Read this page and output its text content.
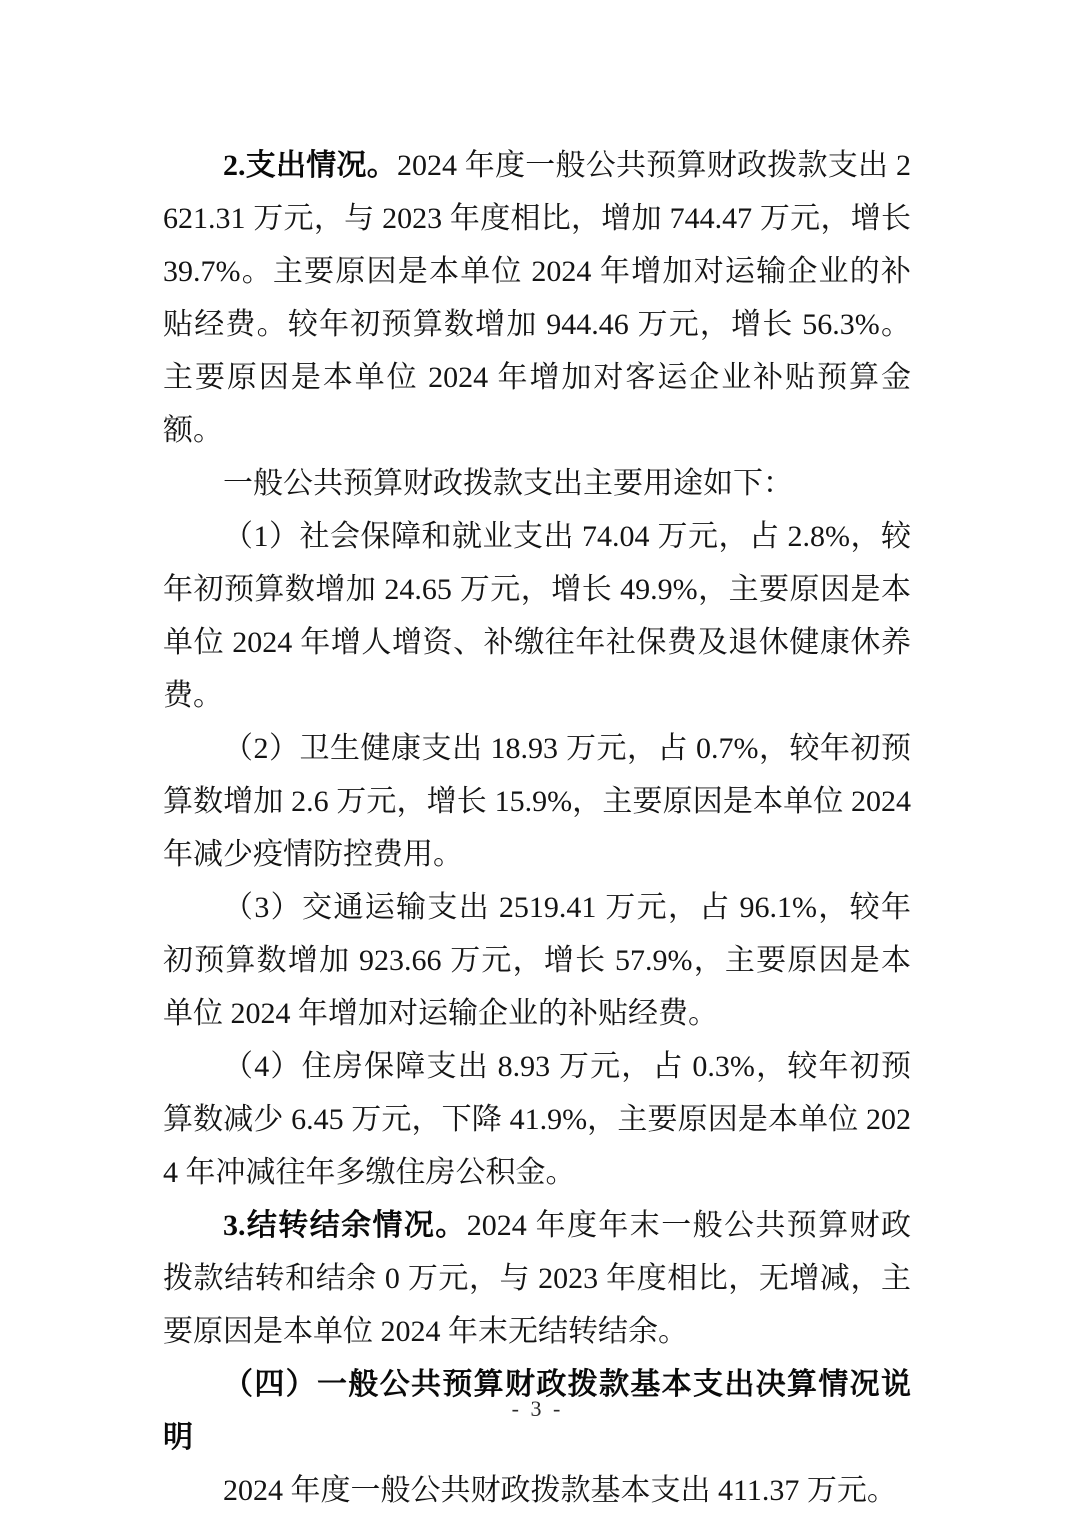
2.支出情况。2024 年度一般公共预算财政拨款支出 2621.31 万元，与 2023 年度相比，增加 744.47 万元，增长 39.7%。主要原因是本单位 2024 年增加对运输企业的补贴经费。较年初预算数增加 944.46 万元，增长 56.3%。主要原因是本单位 2024 年增加对客运企业补贴预算金额。

一般公共预算财政拨款支出主要用途如下：

（1）社会保障和就业支出 74.04 万元，占 2.8%，较年初预算数增加 24.65 万元，增长 49.9%，主要原因是本单位 2024 年增人增资、补缴往年社保费及退休健康休养费。

（2）卫生健康支出 18.93 万元，占 0.7%，较年初预算数增加 2.6 万元，增长 15.9%，主要原因是本单位 2024 年减少疫情防控费用。

（3）交通运输支出 2519.41 万元，占 96.1%，较年初预算数增加 923.66 万元，增长 57.9%，主要原因是本单位 2024 年增加对运输企业的补贴经费。

（4）住房保障支出 8.93 万元，占 0.3%，较年初预算数减少 6.45 万元，下降 41.9%，主要原因是本单位 2024 年冲减往年多缴住房公积金。

3.结转结余情况。2024 年度年末一般公共预算财政拨款结转和结余 0 万元，与 2023 年度相比，无增减，主要原因是本单位 2024 年末无结转结余。

（四）一般公共预算财政拨款基本支出决算情况说明

2024 年度一般公共财政拨款基本支出 411.37 万元。

- 3 -
